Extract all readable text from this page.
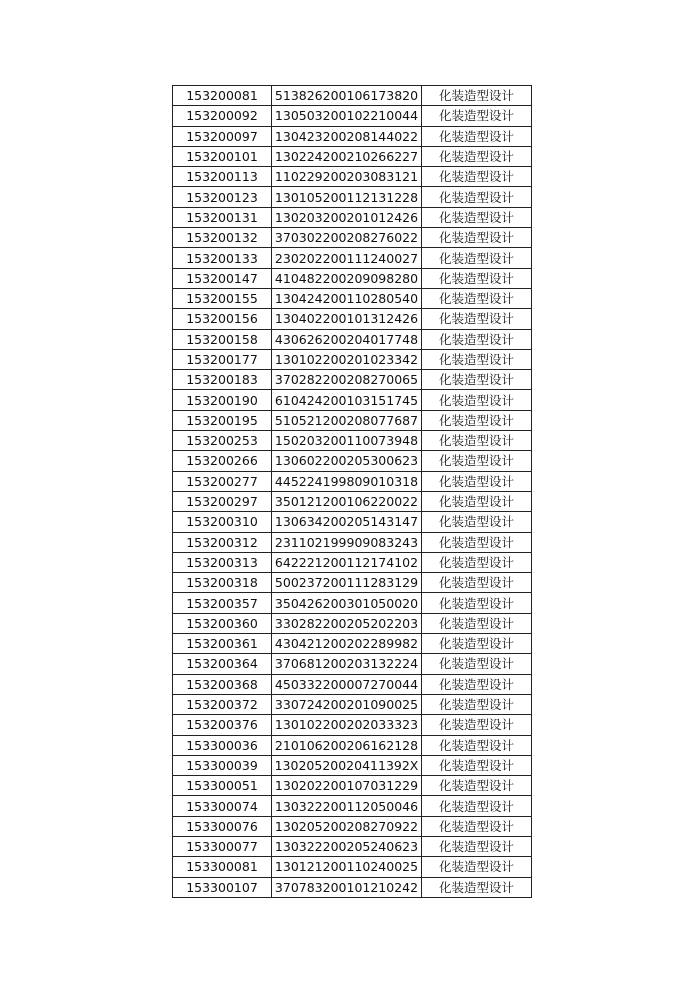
153200081	513826200106173820	化装造型设计
153200092	130503200102210044	化装造型设计
153200097	130423200208144022	化装造型设计
153200101	130224200210266227	化装造型设计
153200113	110229200203083121	化装造型设计
153200123	130105200112131228	化装造型设计
153200131	130203200201012426	化装造型设计
153200132	370302200208276022	化装造型设计
153200133	230202200111240027	化装造型设计
153200147	410482200209098280	化装造型设计
153200155	130424200110280540	化装造型设计
153200156	130402200101312426	化装造型设计
153200158	430626200204017748	化装造型设计
153200177	130102200201023342	化装造型设计
153200183	370282200208270065	化装造型设计
153200190	610424200103151745	化装造型设计
153200195	510521200208077687	化装造型设计
153200253	150203200110073948	化装造型设计
153200266	130602200205300623	化装造型设计
153200277	445224199809010318	化装造型设计
153200297	350121200106220022	化装造型设计
153200310	130634200205143147	化装造型设计
153200312	231102199909083243	化装造型设计
153200313	642221200112174102	化装造型设计
153200318	500237200111283129	化装造型设计
153200357	350426200301050020	化装造型设计
153200360	330282200205202203	化装造型设计
153200361	430421200202289982	化装造型设计
153200364	370681200203132224	化装造型设计
153200368	450332200007270044	化装造型设计
153200372	330724200201090025	化装造型设计
153200376	130102200202033323	化装造型设计
153300036	210106200206162128	化装造型设计
153300039	13020520020411392X	化装造型设计
153300051	130202200107031229	化装造型设计
153300074	130322200112050046	化装造型设计
153300076	130205200208270922	化装造型设计
153300077	130322200205240623	化装造型设计
153300081	130121200110240025	化装造型设计
153300107	370783200101210242	化装造型设计
